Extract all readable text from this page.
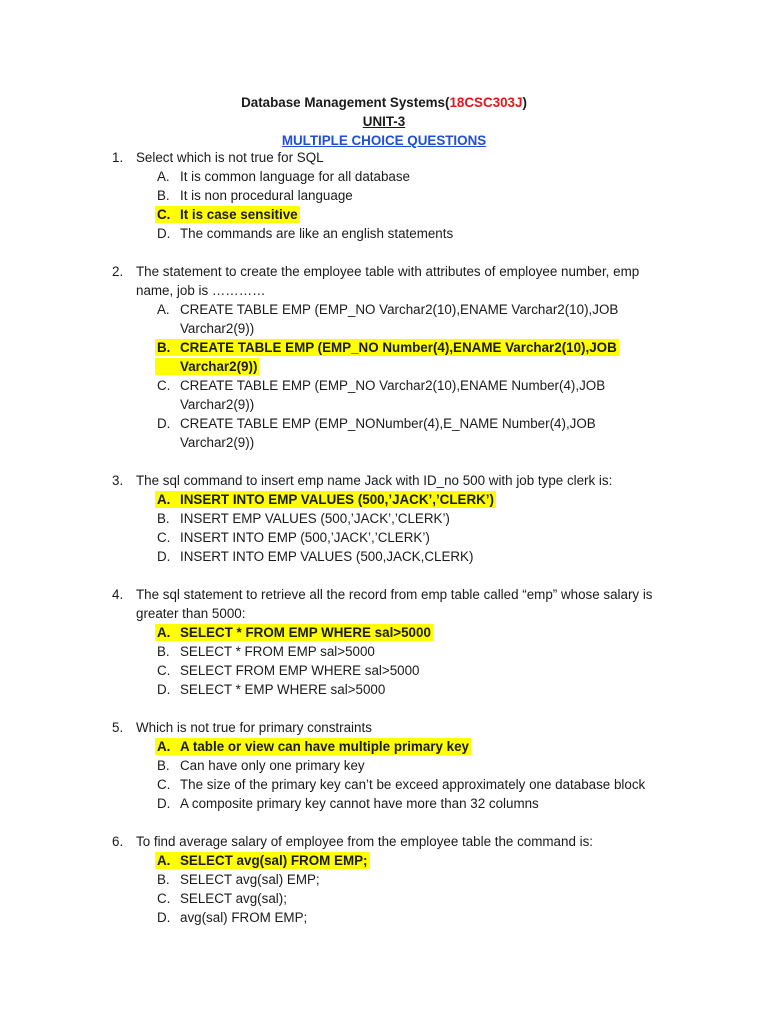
Database Management Systems(18CSC303J)
UNIT-3
MULTIPLE CHOICE QUESTIONS
1. Select which is not true for SQL
A. It is common language for all database
B. It is non procedural language
C. It is case sensitive
D. The commands are like an english statements
2. The statement to create the employee table with attributes of employee number, emp
name, job is …………
A. CREATE TABLE EMP (EMP_NO Varchar2(10),ENAME Varchar2(10),JOB
Varchar2(9))
B. CREATE TABLE EMP (EMP_NO Number(4),ENAME Varchar2(10),JOB
Varchar2(9))
C. CREATE TABLE EMP (EMP_NO Varchar2(10),ENAME Number(4),JOB
Varchar2(9))
D. CREATE TABLE EMP (EMP_NONumber(4),E_NAME Number(4),JOB
Varchar2(9))
3. The sql command to insert emp name Jack with ID_no 500 with job type clerk is:
A. INSERT INTO EMP VALUES (500,’JACK’,’CLERK’)
B. INSERT EMP VALUES (500,’JACK’,’CLERK’)
C. INSERT INTO EMP (500,’JACK’,’CLERK’)
D. INSERT INTO EMP VALUES (500,JACK,CLERK)
4. The sql statement to retrieve all the record from emp table called “emp” whose salary is
greater than 5000:
A. SELECT * FROM EMP WHERE sal>5000
B. SELECT * FROM EMP sal>5000
C. SELECT FROM EMP WHERE sal>5000
D. SELECT * EMP WHERE sal>5000
5. Which is not true for primary constraints
A. A table or view can have multiple primary key
B. Can have only one primary key
C. The size of the primary key can’t be exceed approximately one database block
D. A composite primary key cannot have more than 32 columns
6. To find average salary of employee from the employee table the command is:
A. SELECT avg(sal) FROM EMP;
B. SELECT avg(sal) EMP;
C. SELECT avg(sal);
D. avg(sal) FROM EMP;
